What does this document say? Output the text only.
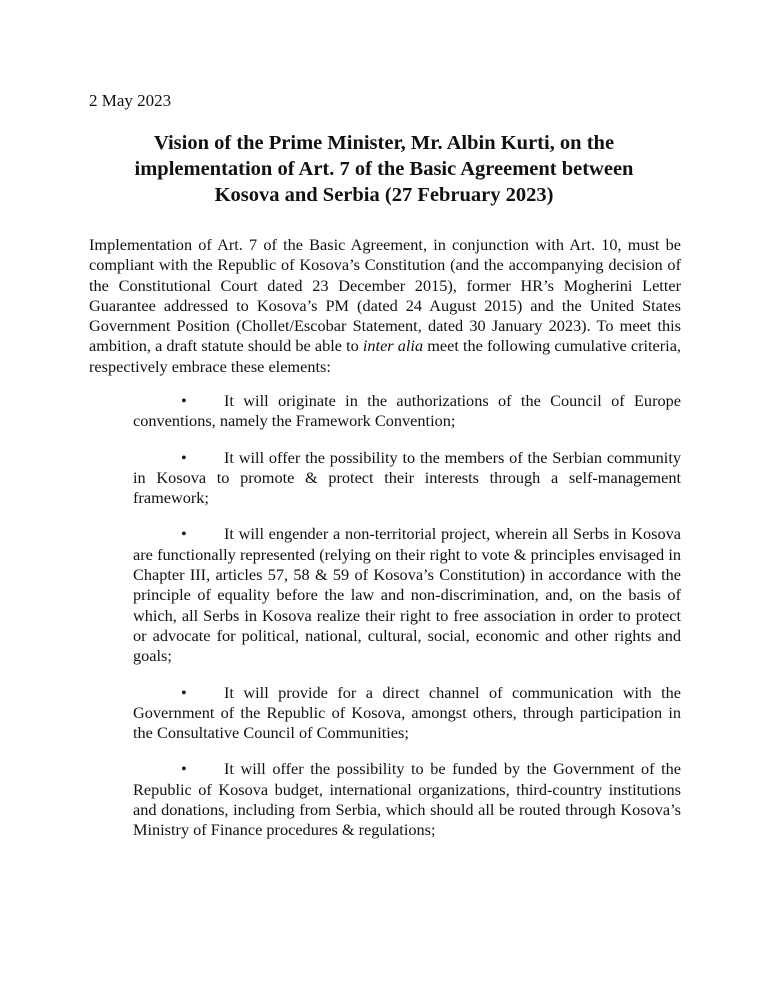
2 May 2023
Vision of the Prime Minister, Mr. Albin Kurti, on the implementation of Art. 7 of the Basic Agreement between Kosova and Serbia (27 February 2023)

Implementation of Art. 7 of the Basic Agreement, in conjunction with Art. 10, must be compliant with the Republic of Kosova’s Constitution (and the accompanying decision of the Constitutional Court dated 23 December 2015), former HR’s Mogherini Letter Guarantee addressed to Kosova’s PM (dated 24 August 2015) and the United States Government Position (Chollet/Escobar Statement, dated 30 January 2023). To meet this ambition, a draft statute should be able to inter alia meet the following cumulative criteria, respectively embrace these elements:

• It will originate in the authorizations of the Council of Europe conventions, namely the Framework Convention;
• It will offer the possibility to the members of the Serbian community in Kosova to promote & protect their interests through a self-management framework;
• It will engender a non-territorial project, wherein all Serbs in Kosova are functionally represented (relying on their right to vote & principles envisaged in Chapter III, articles 57, 58 & 59 of Kosova’s Constitution) in accordance with the principle of equality before the law and non-discrimination, and, on the basis of which, all Serbs in Kosova realize their right to free association in order to protect or advocate for political, national, cultural, social, economic and other rights and goals;
• It will provide for a direct channel of communication with the Government of the Republic of Kosova, amongst others, through participation in the Consultative Council of Communities;
• It will offer the possibility to be funded by the Government of the Republic of Kosova budget, international organizations, third-country institutions and donations, including from Serbia, which should all be routed through Kosova’s Ministry of Finance procedures & regulations;
